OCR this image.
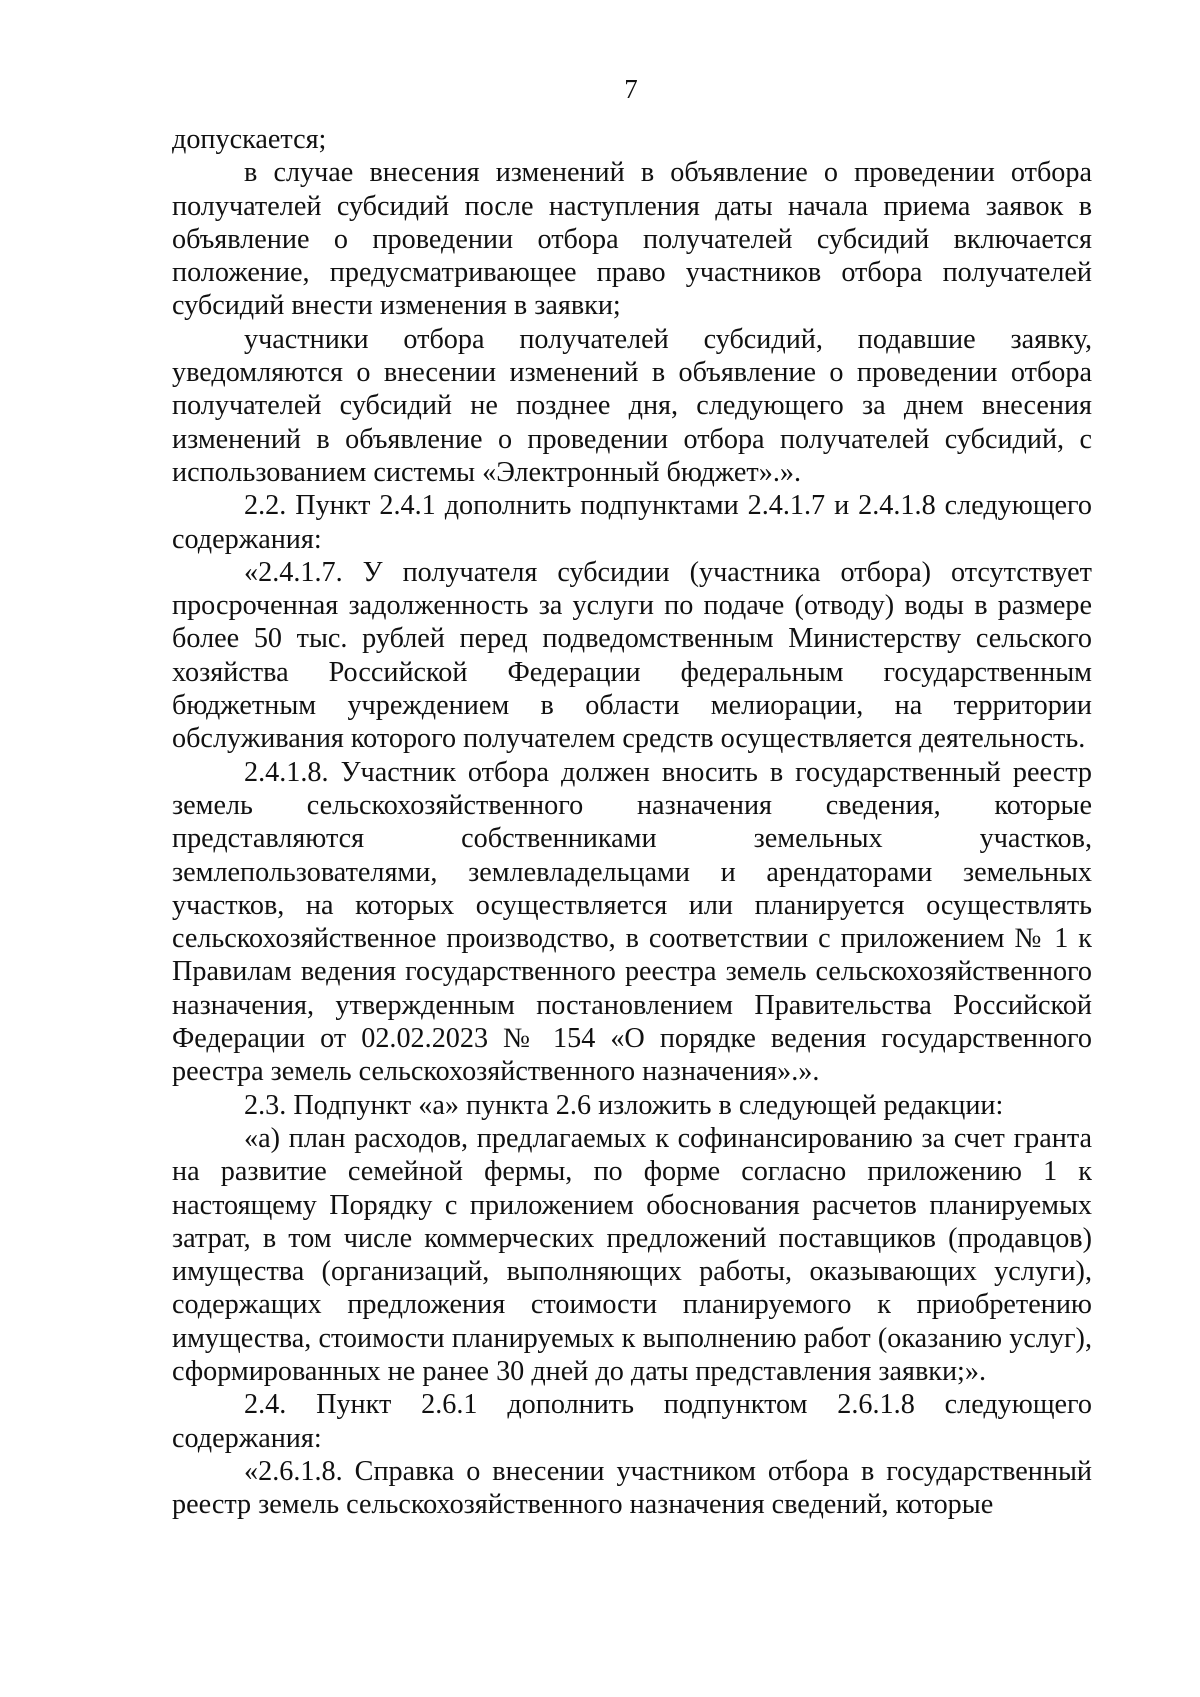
7

допускается;

в случае внесения изменений в объявление о проведении отбора получателей субсидий после наступления даты начала приема заявок в объявление о проведении отбора получателей субсидий включается положение, предусматривающее право участников отбора получателей субсидий внести изменения в заявки;

участники отбора получателей субсидий, подавшие заявку, уведомляются о внесении изменений в объявление о проведении отбора получателей субсидий не позднее дня, следующего за днем внесения изменений в объявление о проведении отбора получателей субсидий, с использованием системы «Электронный бюджет».».

2.2. Пункт 2.4.1 дополнить подпунктами 2.4.1.7 и 2.4.1.8 следующего содержания:

«2.4.1.7. У получателя субсидии (участника отбора) отсутствует просроченная задолженность за услуги по подаче (отводу) воды в размере более 50 тыс. рублей перед подведомственным Министерству сельского хозяйства Российской Федерации федеральным государственным бюджетным учреждением в области мелиорации, на территории обслуживания которого получателем средств осуществляется деятельность.

2.4.1.8. Участник отбора должен вносить в государственный реестр земель сельскохозяйственного назначения сведения, которые представляются собственниками земельных участков, землепользователями, землевладельцами и арендаторами земельных участков, на которых осуществляется или планируется осуществлять сельскохозяйственное производство, в соответствии с приложением № 1 к Правилам ведения государственного реестра земель сельскохозяйственного назначения, утвержденным постановлением Правительства Российской Федерации от 02.02.2023 № 154 «О порядке ведения государственного реестра земель сельскохозяйственного назначения».».

2.3. Подпункт «а» пункта 2.6 изложить в следующей редакции:

«а) план расходов, предлагаемых к софинансированию за счет гранта на развитие семейной фермы, по форме согласно приложению 1 к настоящему Порядку с приложением обоснования расчетов планируемых затрат, в том числе коммерческих предложений поставщиков (продавцов) имущества (организаций, выполняющих работы, оказывающих услуги), содержащих предложения стоимости планируемого к приобретению имущества, стоимости планируемых к выполнению работ (оказанию услуг), сформированных не ранее 30 дней до даты представления заявки;».

2.4. Пункт 2.6.1 дополнить подпунктом 2.6.1.8 следующего содержания:

«2.6.1.8. Справка о внесении участником отбора в государственный реестр земель сельскохозяйственного назначения сведений, которые
